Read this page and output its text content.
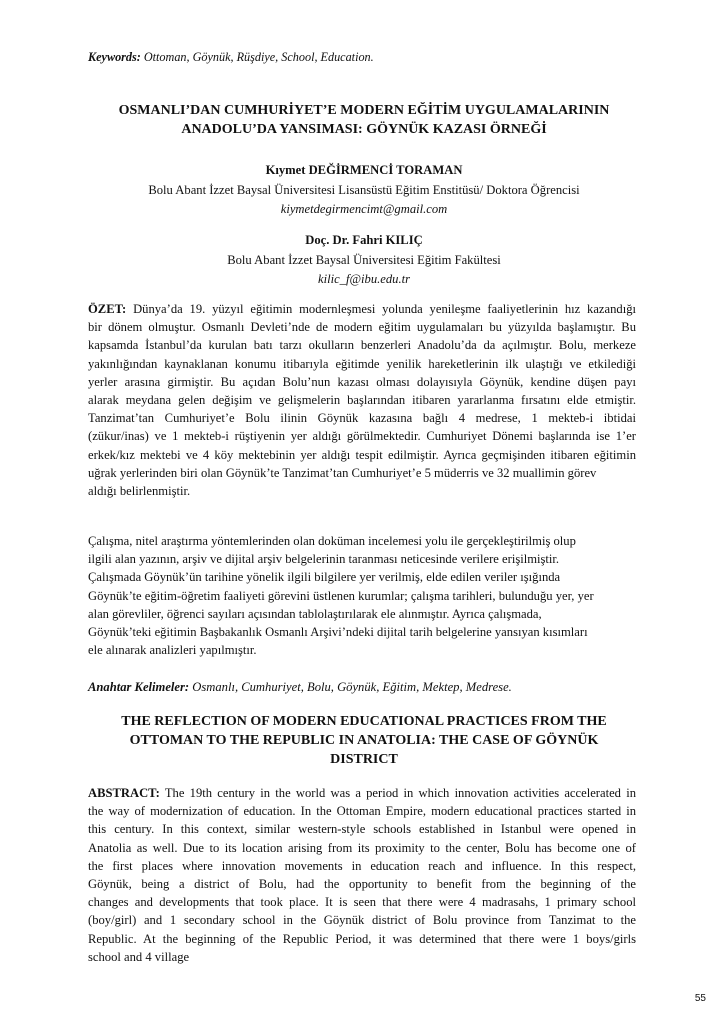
Keywords: Ottoman, Göynük, Rüşdiye, School, Education.
OSMANLI’DAN CUMHURİYET’E MODERN EĞİTİM UYGULAMALARININ
ANADOLU’DA YANSIMASI: GÖYNÜK KAZASI ÖRNEĞİ
Kıymet DEĞİRMENCİ TORAMAN
Bolu Abant İzzet Baysal Üniversitesi Lisansüstü Eğitim Enstitüsü/ Doktora Öğrencisi
kiymetdegirmencimt@gmail.com
Doç. Dr. Fahri KILIÇ
Bolu Abant İzzet Baysal Üniversitesi Eğitim Fakültesi
kilic_f@ibu.edu.tr
ÖZET: Dünya’da 19. yüzyıl eğitimin modernleşmesi yolunda yenileşme faaliyetlerinin hız kazandığı
bir dönem olmuştur. Osmanlı Devleti’nde de modern eğitim uygulamaları bu yüzyılda başlamıştır. Bu
kapsamda İstanbul’da kurulan batı tarzı okulların benzerleri Anadolu’da da açılmıştır. Bolu, merkeze
yakınlığından kaynaklanan konumu itibarıyla eğitimde yenilik hareketlerinin ilk ulaştığı ve etkilediği
yerler arasına girmiştir. Bu açıdan Bolu’nun kazası olması dolayısıyla Göynük, kendine düşen payı
alarak meydana gelen değişim ve gelişmelerin başlarından itibaren yararlanma fırsatını elde etmiştir.
Tanzimat’tan Cumhuriyet’e Bolu ilinin Göynük kazasına bağlı 4 medrese, 1 mekteb-i ibtidai
(zükur/inas) ve 1 mekteb-i rüştiyenin yer aldığı görülmektedir. Cumhuriyet Dönemi başlarında ise 1’er
erkek/kız mektebi ve 4 köy mektebinin yer aldığı tespit edilmiştir. Ayrıca geçmişinden itibaren eğitimin
uğrak yerlerinden biri olan Göynük’te Tanzimat’tan Cumhuriyet’e 5 müderris ve 32 muallimin görev
aldığı belirlenmiştir.
Çalışma, nitel araştırma yöntemlerinden olan doküman incelemesi yolu ile gerçekleştirilmiş olup
ilgili alan yazının, arşiv ve dijital arşiv belgelerinin taranması neticesinde verilere erişilmiştir.
Çalışmada Göynük’ün tarihine yönelik ilgili bilgilere yer verilmiş, elde edilen veriler ışığında
Göynük’te eğitim-öğretim faaliyeti görevini üstlenen kurumlar; çalışma tarihleri, bulunduğu yer, yer
alan görevliler, öğrenci sayıları açısından tablolaştırılarak ele alınmıştır. Ayrıca çalışmada,
Göynük’teki eğitimin Başbakanlık Osmanlı Arşivi’ndeki dijital tarih belgelerine yansıyan kısımları
ele alınarak analizleri yapılmıştır.
Anahtar Kelimeler: Osmanlı, Cumhuriyet, Bolu, Göynük, Eğitim, Mektep, Medrese.
THE REFLECTION OF MODERN EDUCATIONAL PRACTICES FROM THE
OTTOMAN TO THE REPUBLIC IN ANATOLIA: THE CASE OF GÖYNÜK
DISTRICT
ABSTRACT: The 19th century in the world was a period in which innovation activities accelerated in
the way of modernization of education. In the Ottoman Empire, modern educational practices started in
this century. In this context, similar western-style schools established in Istanbul were opened in
Anatolia as well. Due to its location arising from its proximity to the center, Bolu has become one of
the first places where innovation movements in education reach and influence. In this respect,
Göynük, being a district of Bolu, had the opportunity to benefit from the beginning of the
changes and developments that took place. It is seen that there were 4 madrasahs, 1 primary school
(boy/girl) and 1 secondary school in the Göynük district of Bolu province from Tanzimat to the
Republic. At the beginning of the Republic Period, it was determined that there were 1 boys/girls
school and 4 village
55
